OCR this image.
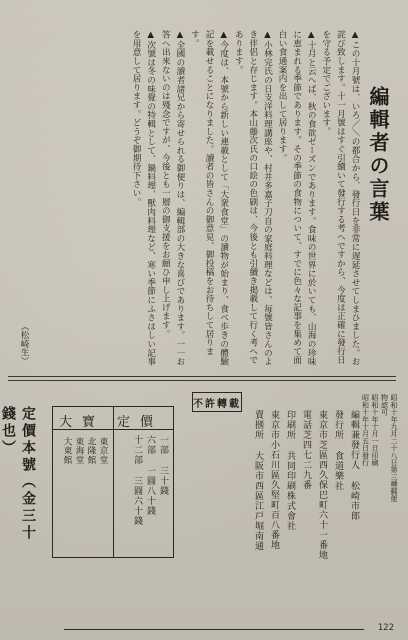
編輯者の言葉

▲この十月號は、いろ／＼の都合から、發行日を非常に遅延させてしまひました。お詫び致します。十一月號はすぐ引續いて發行する考へですから、今度は正確に發行日を守る予定でございます。

▲十月と云へば、秋の食欲ゼーズンであります。食味の世界に於いても、山海の珍味に恵まれる季節であります。その季節の食物について、すでに色々な記事を集めて面白い食通案内を出して居ります。

▲小林完氏の日支洋料理講座や、村井多嘉子刀自の家庭料理などは、毎號皆さんのよき伴侶と存じます。本山藤次氏の口絵の色刷は、今後とも引續き掲載して行く考へであります。

▲今度は、本號から新しい連載として「大衆食堂」の讀物が始まり、食べ歩きの體驗記を載せることになりました。讀者の皆さんの御意見、御投稿をお待ちして居ります。

▲全國の讀者諸兄から寄せられる御便りは、編輯部の大きな喜びであります。一一お答へ出來ないのは殘念ですが、今後とも一層の御支援をお願ひ申し上げます。

▲次號は冬の味覺の特輯として、鍋料理、獸肉料理など、寒い季節にふさはしい記事を用意して居ります。どうぞ御期待下さい。

（松崎生）
定價本號（金三十錢也）	大寶 定價
東京堂
北隆館
東海堂
大東館	一部 三十錢
六部 一圓八十錢
十二部 三圓六十錢
不許轉載	昭和十年九月二十八日第三種郵便物認可
昭和十年十月一日印刷
昭和十年十月五日發行
編輯兼發行人 松崎市郎
發行所 食道樂社
東京市芝區西久保巴町六十一番地
電話芝四七二九番
印刷所 共同印刷株式會社
東京市小石川區久堅町百八番地
賣捌所 大阪市西區江戸堀南通
122
